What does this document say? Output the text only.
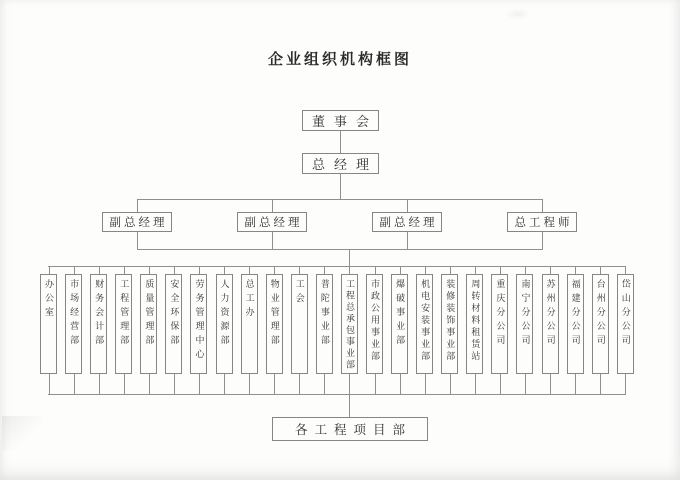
企业组织机构框图
董事会
总经理
副总经理	副总经理	副总经理	总工程师
办公室	市场经营部	财务会计部	工程管理部	质量管理部	安全环保部	劳务管理中心	人力资源部	总工办	物业管理部	工会	普陀事业部	工程总承包事业部	市政公用事业部	爆破事业部	机电安装事业部	装修装饰事业部	周转材料租赁站	重庆分公司	南宁分公司	苏州分公司	福建分公司	台州分公司	岱山分公司
各工程项目部
